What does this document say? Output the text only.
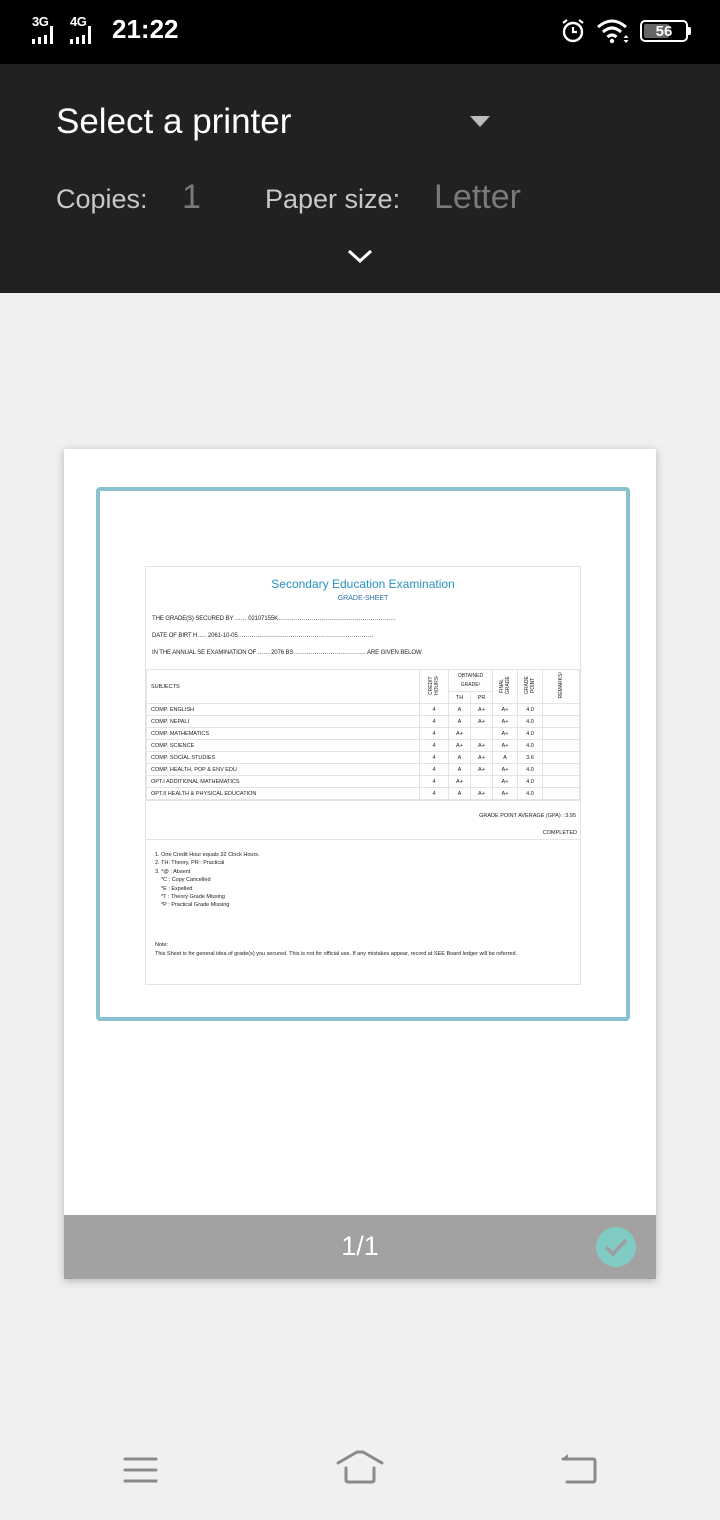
3G 4G 21:22	56
Select a printer
Copies: 1 Paper size: Letter
Secondary Education Examination
GRADE-SHEET
THE GRADE(S) SECURED BY …… 02107155K……………………………………………………
DATE OF BIRT H….. 2061-10-05……………………………………………………………
IN THE ANNUAL SE EXAMINATION OF …… 2076 BS ……………………………… ARE GIVEN BELOW
SUBJECTS	CREDIT HOURS¹	OBTAINED GRADE²		FINAL GRADE	GRADE POINT	REMARKS³
		TH	PR			
COMP. ENGLISH	4	A	A+	A+	4.0	
COMP. NEPALI	4	A	A+	A+	4.0	
COMP. MATHEMATICS	4	A+		A+	4.0	
COMP. SCIENCE	4	A+	A+	A+	4.0	
COMP. SOCIAL STUDIES	4	A	A+	A	3.6	
COMP. HEALTH, POP & ENV EDU	4	A	A+	A+	4.0	
OPT.I ADDITIONAL MATHEMATICS	4	A+		A+	4.0	
OPT.II HEALTH & PHYSICAL EDUCATION	4	A	A+	A+	4.0	
GRADE POINT AVERAGE (GPA) : 3.95
COMPLETED
1. One Credit Hour equals 32 Clock Hours.
2. TH: Theory, PR : Practical
3. *@ : Absent
*C : Copy Cancelled
*E : Expelled
*T : Theory Grade Missing
*P : Practical Grade Missing
Note:
This Sheet is for general idea of grade(s) you secured. This is not for official use. If any mistakes appear, record at SEE Board ledger will be referred.
1/1
